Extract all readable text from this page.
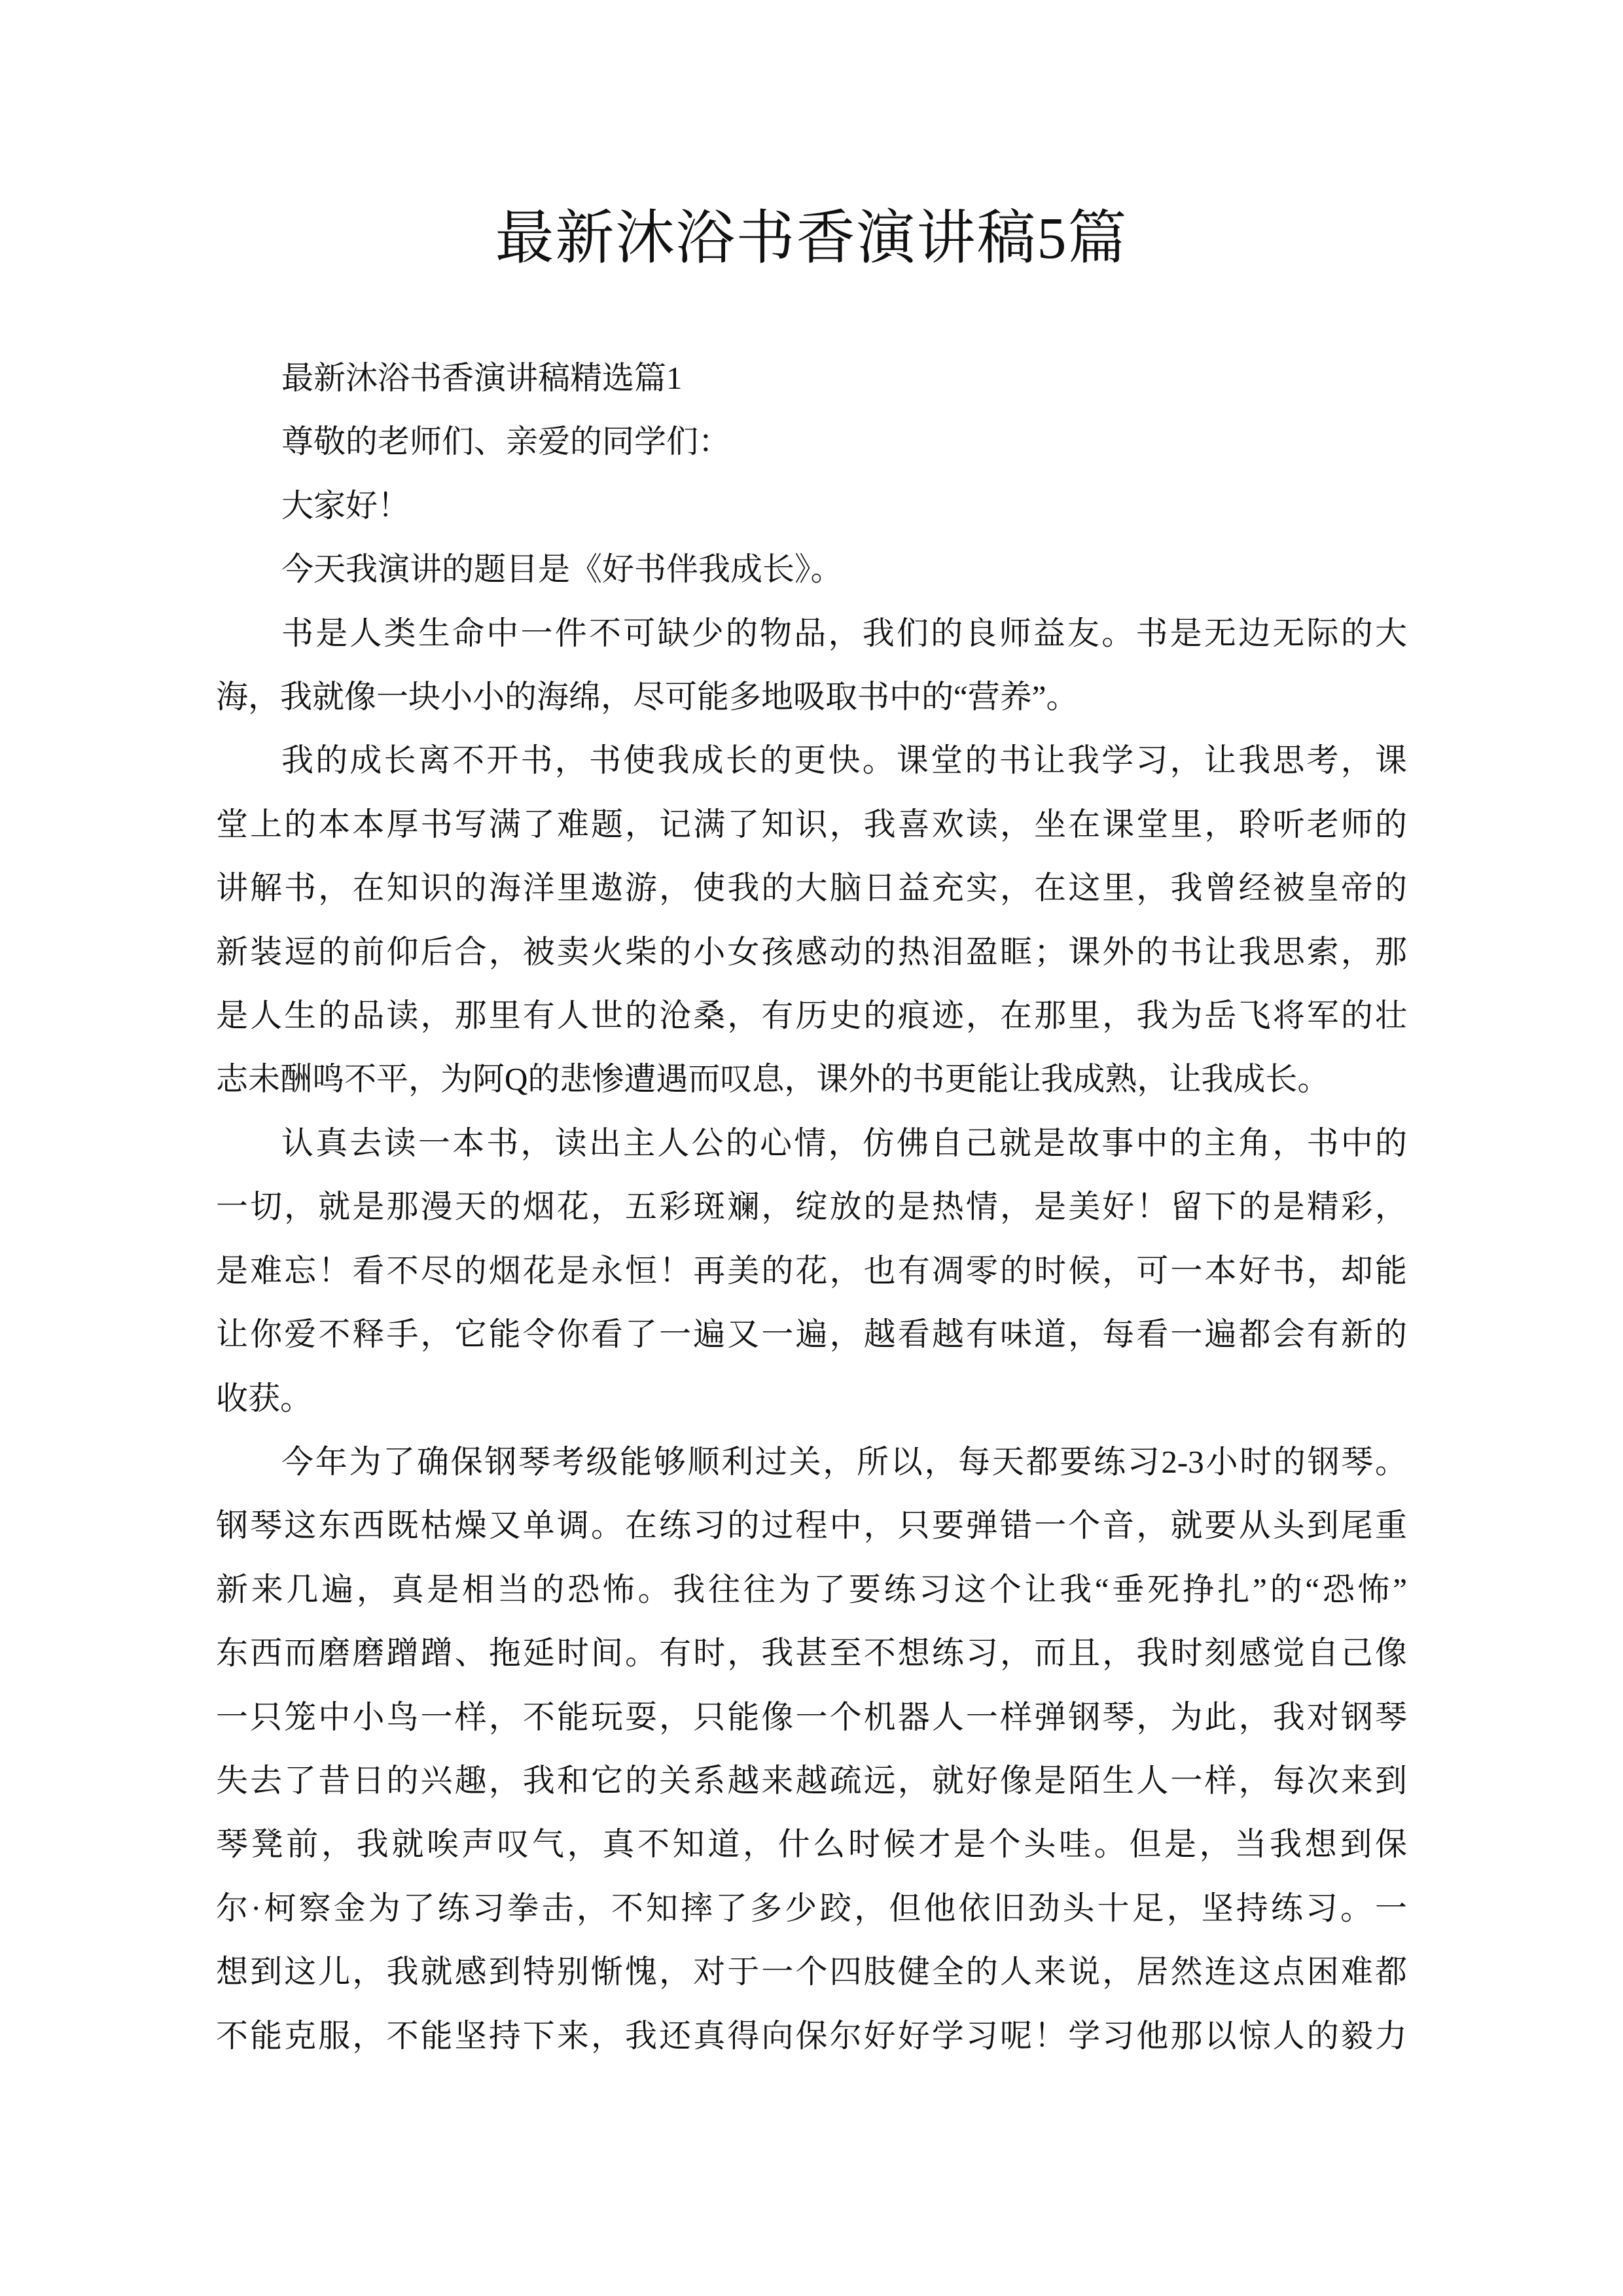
最新沐浴书香演讲稿5篇
最新沐浴书香演讲稿精选篇1
尊敬的老师们、亲爱的同学们：
大家好！
今天我演讲的题目是《好书伴我成长》。
书是人类生命中一件不可缺少的物品，我们的良师益友。书是无边无际的大
海，我就像一块小小的海绵，尽可能多地吸取书中的“营养”。
我的成长离不开书，书使我成长的更快。课堂的书让我学习，让我思考，课
堂上的本本厚书写满了难题，记满了知识，我喜欢读，坐在课堂里，聆听老师的
讲解书，在知识的海洋里遨游，使我的大脑日益充实，在这里，我曾经被皇帝的
新装逗的前仰后合，被卖火柴的小女孩感动的热泪盈眶；课外的书让我思索，那
是人生的品读，那里有人世的沧桑，有历史的痕迹，在那里，我为岳飞将军的壮
志未酬鸣不平，为阿Q的悲惨遭遇而叹息，课外的书更能让我成熟，让我成长。
认真去读一本书，读出主人公的心情，仿佛自己就是故事中的主角，书中的
一切，就是那漫天的烟花，五彩斑斓，绽放的是热情，是美好！留下的是精彩，
是难忘！看不尽的烟花是永恒！再美的花，也有凋零的时候，可一本好书，却能
让你爱不释手，它能令你看了一遍又一遍，越看越有味道，每看一遍都会有新的
收获。
今年为了确保钢琴考级能够顺利过关，所以，每天都要练习2-3小时的钢琴。
钢琴这东西既枯燥又单调。在练习的过程中，只要弹错一个音，就要从头到尾重
新来几遍，真是相当的恐怖。我往往为了要练习这个让我“垂死挣扎”的“恐怖”
东西而磨磨蹭蹭、拖延时间。有时，我甚至不想练习，而且，我时刻感觉自己像
一只笼中小鸟一样，不能玩耍，只能像一个机器人一样弹钢琴，为此，我对钢琴
失去了昔日的兴趣，我和它的关系越来越疏远，就好像是陌生人一样，每次来到
琴凳前，我就唉声叹气，真不知道，什么时候才是个头哇。但是，当我想到保
尔·柯察金为了练习拳击，不知摔了多少跤，但他依旧劲头十足，坚持练习。一
想到这儿，我就感到特别惭愧，对于一个四肢健全的人来说，居然连这点困难都
不能克服，不能坚持下来，我还真得向保尔好好学习呢！学习他那以惊人的毅力
